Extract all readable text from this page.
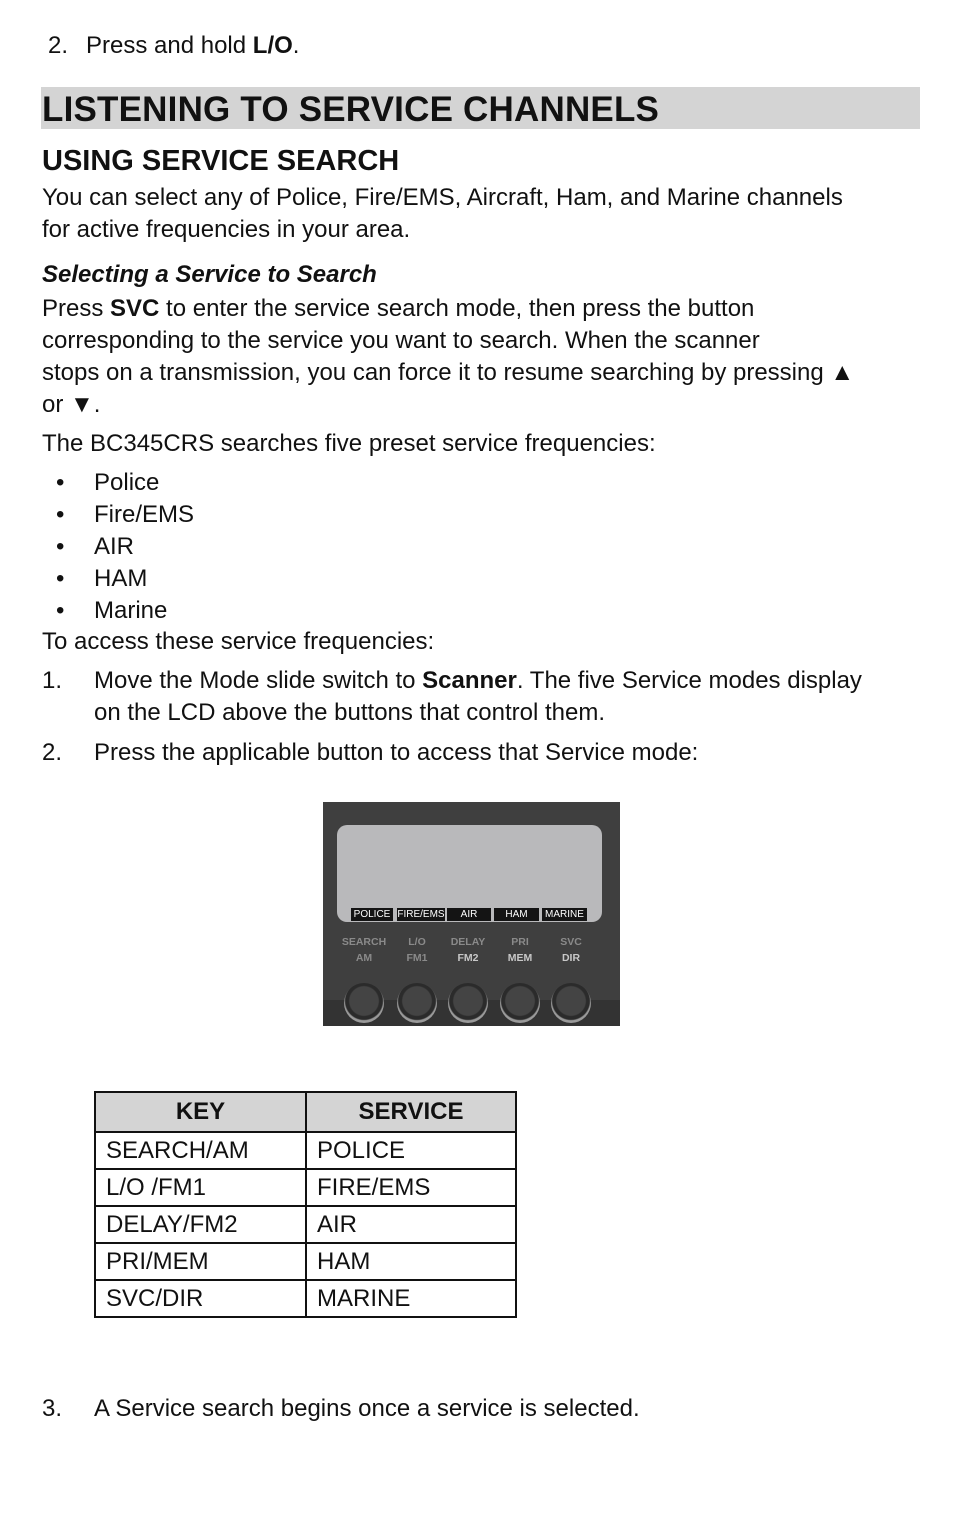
2. Press and hold L/O.
LISTENING TO SERVICE CHANNELS
USING SERVICE SEARCH
You can select any of Police, Fire/EMS, Aircraft, Ham, and Marine channels
for active frequencies in your area.
Selecting a Service to Search
Press SVC to enter the service search mode, then press the button
corresponding to the service you want to search. When the scanner
stops on a transmission, you can force it to resume searching by pressing ▲
or ▼.
The BC345CRS searches five preset service frequencies:
• Police
• Fire/EMS
• AIR
• HAM
• Marine
To access these service frequencies:
1. Move the Mode slide switch to Scanner. The five Service modes display
on the LCD above the buttons that control them.
2. Press the applicable button to access that Service mode:
POLICE FIRE/EMS	AIR	HAM	MARINE
SEARCH
AM
L/O
FM1
DELAY
FM2
PRI
MEM
SVC
DIR
KEY	SERVICE
SEARCH/AM	POLICE
L/O /FM1	FIRE/EMS
DELAY/FM2	AIR
PRI/MEM	HAM
SVC/DIR	MARINE
3. A Service search begins once a service is selected.
